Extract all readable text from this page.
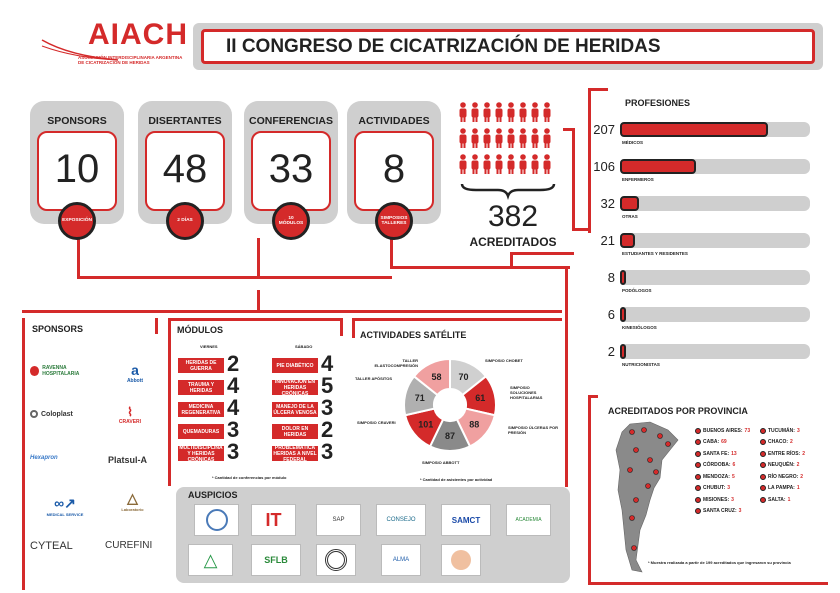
AIACH
ASOCIACIÓN INTERDISCIPLINARIA ARGENTINA
DE CICATRIZACIÓN DE HERIDAS
II CONGRESO DE CICATRIZACIÓN DE HERIDAS
SPONSORS
10
EXPOSICIÓN
DISERTANTES
48
2 DÍAS
CONFERENCIAS
33
10 MÓDULOS
ACTIVIDADES
8
SIMPOSIOS TALLERES	382
ACREDITADOS
PROFESIONES
207
MÉDICOS
106
ENFERMEROS
32
OTRAS
21
ESTUDIANTES Y RESIDENTES
8
PODÓLOGOS
6
KINESIÓLOGOS
2
NUTRICIONISTAS
SPONSORS
RAVENNA HOSPITALARIA	a
Abbott
Coloplast	⌇
CRAVERI
Hexapron	Platsul-A
∞↗
MEDICAL SERVICE
△
Laboratorio
CYTEAL	CUREFINI
MÓDULOS
VIERNES	SÁBADO
HERIDAS DE GUERRA 2
TRAUMA Y HERIDAS 4
MEDICINA REGENERATIVA 4
QUEMADURAS 3
MULTIDISCIPLINA Y HERIDAS CRÓNICAS 3
PIE DIABÉTICO 4
INNOVACIÓN EN HERIDAS CRÓNICAS 5
MANEJO DE LA ÚLCERA VENOSA 3
DOLOR EN HERIDAS 2
PROBLEMÁTICA HERIDAS A NIVEL FEDERAL 3
* Cantidad de conferencias por módulo
ACTIVIDADES SATÉLITE
70
61
88
87
101
71
58
TALLER ELASTOCOMPRESIÓN
TALLER APÓSITOS
SIMPOSIO CRAVERI
SIMPOSIO ABBOTT
SIMPOSIO CHOBET
SIMPOSIO SOLUCIONES HOSPITALARIAS
SIMPOSIO ÚLCERAS POR PRESIÓN
* Cantidad de asistentes por actividad
AUSPICIOS
IT	SAP	CONSEJO	SAMCT	ACADEMIA
△	SFLB	ALMA
ACREDITADOS POR PROVINCIA
BUENOS AIRES: 73
CABA: 69
SANTA FE: 13
CÓRDOBA: 6
MENDOZA: 5
CHUBUT: 3
MISIONES: 3
SANTA CRUZ: 3
TUCUMÁN: 3
CHACO: 2
ENTRE RÍOS: 2
NEUQUÉN: 2
RÍO NEGRO: 2
LA PAMPA: 1
SALTA: 1
* Muestra realizada a partir de 199 acreditados que ingresaron su provincia
